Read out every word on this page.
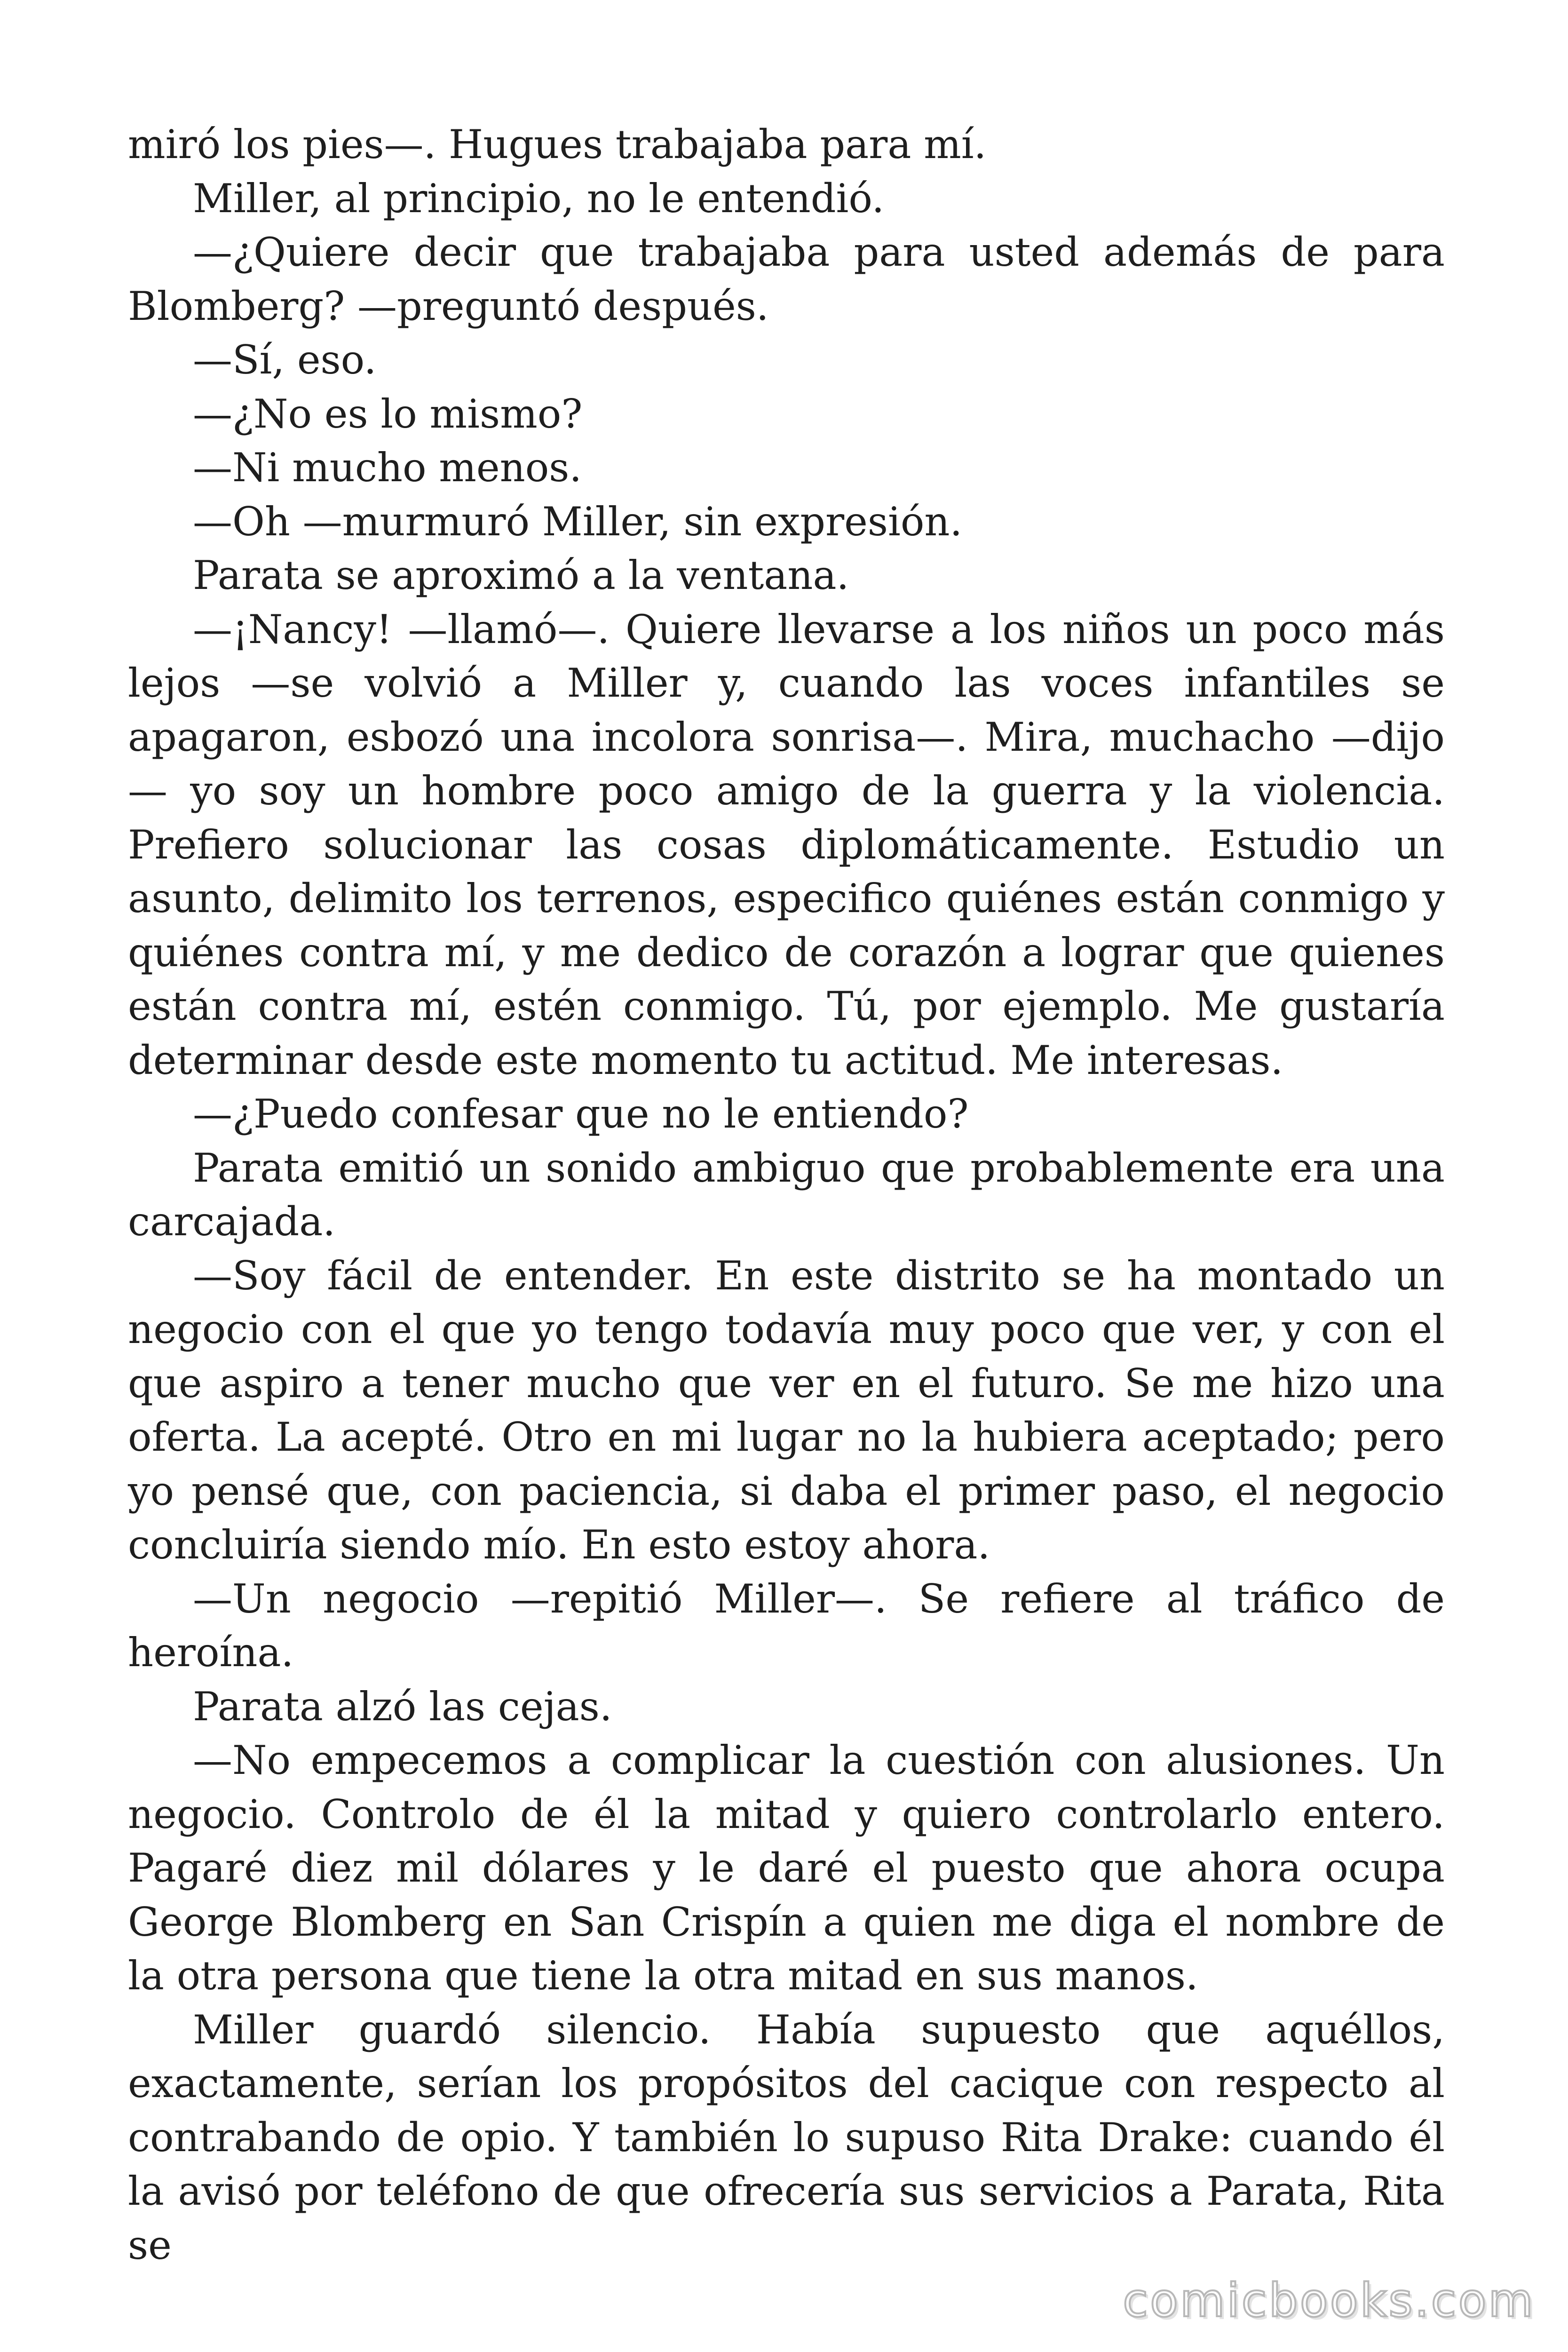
miró los pies—. Hugues trabajaba para mí.

Miller, al principio, no le entendió.

—¿Quiere decir que trabajaba para usted además de para Blomberg? —preguntó después.

—Sí, eso.

—¿No es lo mismo?

—Ni mucho menos.

—Oh —murmuró Miller, sin expresión.

Parata se aproximó a la ventana.

—¡Nancy! —llamó—. Quiere llevarse a los niños un poco más lejos —se volvió a Miller y, cuando las voces infantiles se apagaron, esbozó una incolora sonrisa—. Mira, muchacho —dijo— yo soy un hombre poco amigo de la guerra y la violencia. Prefiero solucionar las cosas diplomáticamente. Estudio un asunto, delimito los terrenos, especifico quiénes están conmigo y quiénes contra mí, y me dedico de corazón a lograr que quienes están contra mí, estén conmigo. Tú, por ejemplo. Me gustaría determinar desde este momento tu actitud. Me interesas.

—¿Puedo confesar que no le entiendo?

Parata emitió un sonido ambiguo que probablemente era una carcajada.

—Soy fácil de entender. En este distrito se ha montado un negocio con el que yo tengo todavía muy poco que ver, y con el que aspiro a tener mucho que ver en el futuro. Se me hizo una oferta. La acepté. Otro en mi lugar no la hubiera aceptado; pero yo pensé que, con paciencia, si daba el primer paso, el negocio concluiría siendo mío. En esto estoy ahora.

—Un negocio —repitió Miller—. Se refiere al tráfico de heroína.

Parata alzó las cejas.

—No empecemos a complicar la cuestión con alusiones. Un negocio. Controlo de él la mitad y quiero controlarlo entero. Pagaré diez mil dólares y le daré el puesto que ahora ocupa George Blomberg en San Crispín a quien me diga el nombre de la otra persona que tiene la otra mitad en sus manos.

Miller guardó silencio. Había supuesto que aquéllos, exactamente, serían los propósitos del cacique con respecto al contrabando de opio. Y también lo supuso Rita Drake: cuando él la avisó por teléfono de que ofrecería sus servicios a Parata, Rita se

comicbooks.com
